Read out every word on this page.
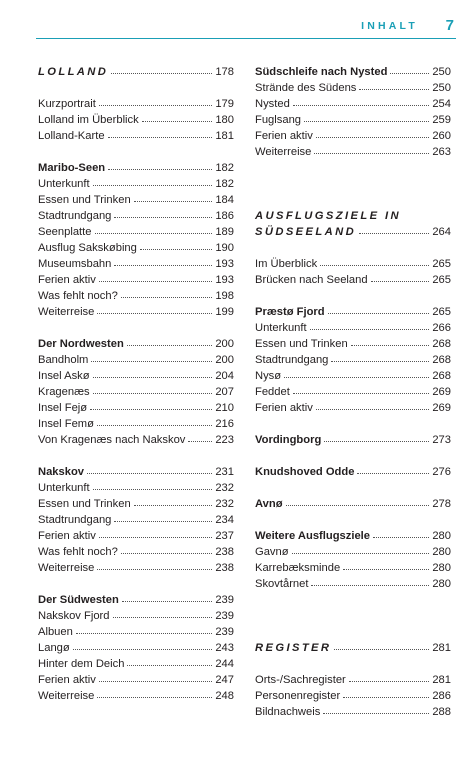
INHALT 7
LOLLAND	178
Kurzportrait	179
Lolland im Überblick	180
Lolland-Karte	181
Maribo-Seen	182
Unterkunft	182
Essen und Trinken	184
Stadtrundgang	186
Seenplatte	189
Ausflug Sakskøbing	190
Museumsbahn	193
Ferien aktiv	193
Was fehlt noch?	198
Weiterreise	199
Der Nordwesten	200
Bandholm	200
Insel Askø	204
Kragenæs	207
Insel Fejø	210
Insel Femø	216
Von Kragenæs nach Nakskov	223
Nakskov	231
Unterkunft	232
Essen und Trinken	232
Stadtrundgang	234
Ferien aktiv	237
Was fehlt noch?	238
Weiterreise	238
Der Südwesten	239
Nakskov Fjord	239
Albuen	239
Langø	243
Hinter dem Deich	244
Ferien aktiv	247
Weiterreise	248
Südschleife nach Nysted	250
Strände des Südens	250
Nysted	254
Fuglsang	259
Ferien aktiv	260
Weiterreise	263
AUSFLUGSZIELE IN
SÜDSEELAND	264
Im Überblick	265
Brücken nach Seeland	265
Præstø Fjord	265
Unterkunft	266
Essen und Trinken	268
Stadtrundgang	268
Nysø	268
Feddet	269
Ferien aktiv	269
Vordingborg	273
Knudshoved Odde	276
Avnø	278
Weitere Ausflugsziele	280
Gavnø	280
Karrebæksminde	280
Skovtårnet	280
REGISTER	281
Orts-/Sachregister	281
Personenregister	286
Bildnachweis	288
